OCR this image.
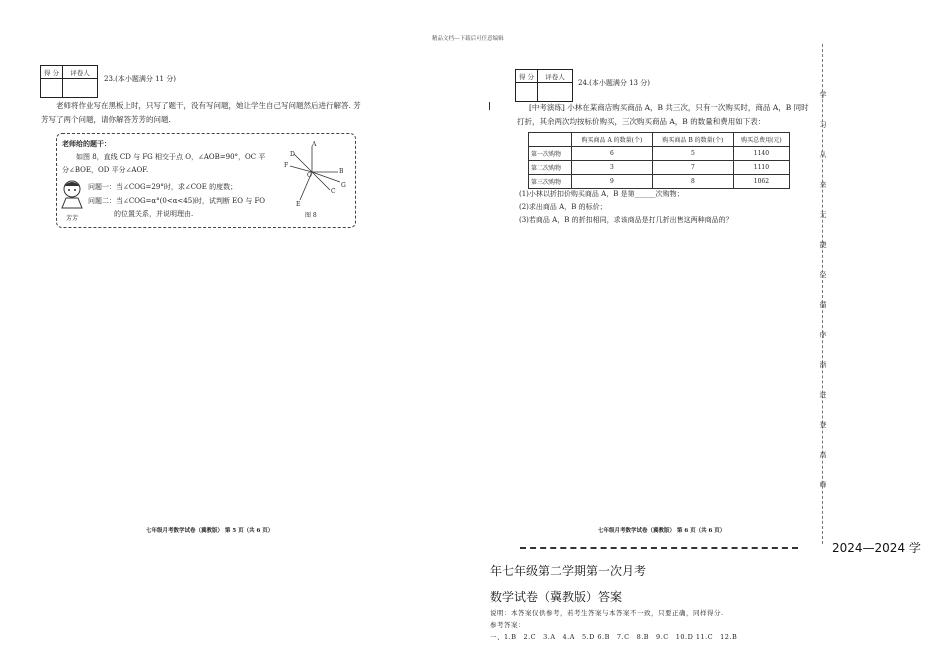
精品文档---下载后可任意编辑
得 分	评卷人
23.(本小题满分 11 分)
老师将作业写在黑板上时，只写了题干，没有写问题，她让学生自己写问题然后进行解答. 芳
芳写了两个问题，请你解答芳芳的问题.
老师给的题干：
如图 8，直线 CD 与 FG 相交于点 O，∠AOB=90°，OC 平
分∠BOE，OD 平分∠AOF.
问题一：当∠COG=29°时，求∠COE 的度数；
问题二：当∠COG=α°(0<α<45)时，试判断 EO 与 FO
的位置关系，并说明理由.
芳芳
D
A
B
F
O
C
G
E
图 8
七年级月考数学试卷（冀教版） 第 5 页（共 6 页）
得 分	评卷人
24.(本小题满分 13 分)
[中考演练] 小林在某商店购买商品 A，B 共三次，只有一次购买时，商品 A，B 同时
打折，其余两次均按标价购买，三次购买商品 A，B 的数量和费用如下表：
	购买商品 A 的数量(个)	购买商品 B 的数量(个)	购买总费用(元)
第一次购物	6	5	1140
第二次购物	3	7	1110
第三次购物	9	8	1062
(1)小林以折扣价购买商品 A，B 是第______次购物；
(2)求出商品 A，B 的标价；
(3)若商品 A，B 的折扣相同，求该商品是打几折出售这两种商品的？
七年级月考数学试卷（冀教版） 第 6 页（共 6 页）
学习从来无捷径循序渐进登高峰
2024—2024 学
年七年级第二学期第一次月考
数学试卷（冀教版）答案
说明：本答案仅供参考，若考生答案与本答案不一致，只要正确，同样得分.
参考答案：
一、1.B　2.C　3.A　4.A　5.D 6.B　7.C　8.B　9.C　10.D 11.C　12.B
